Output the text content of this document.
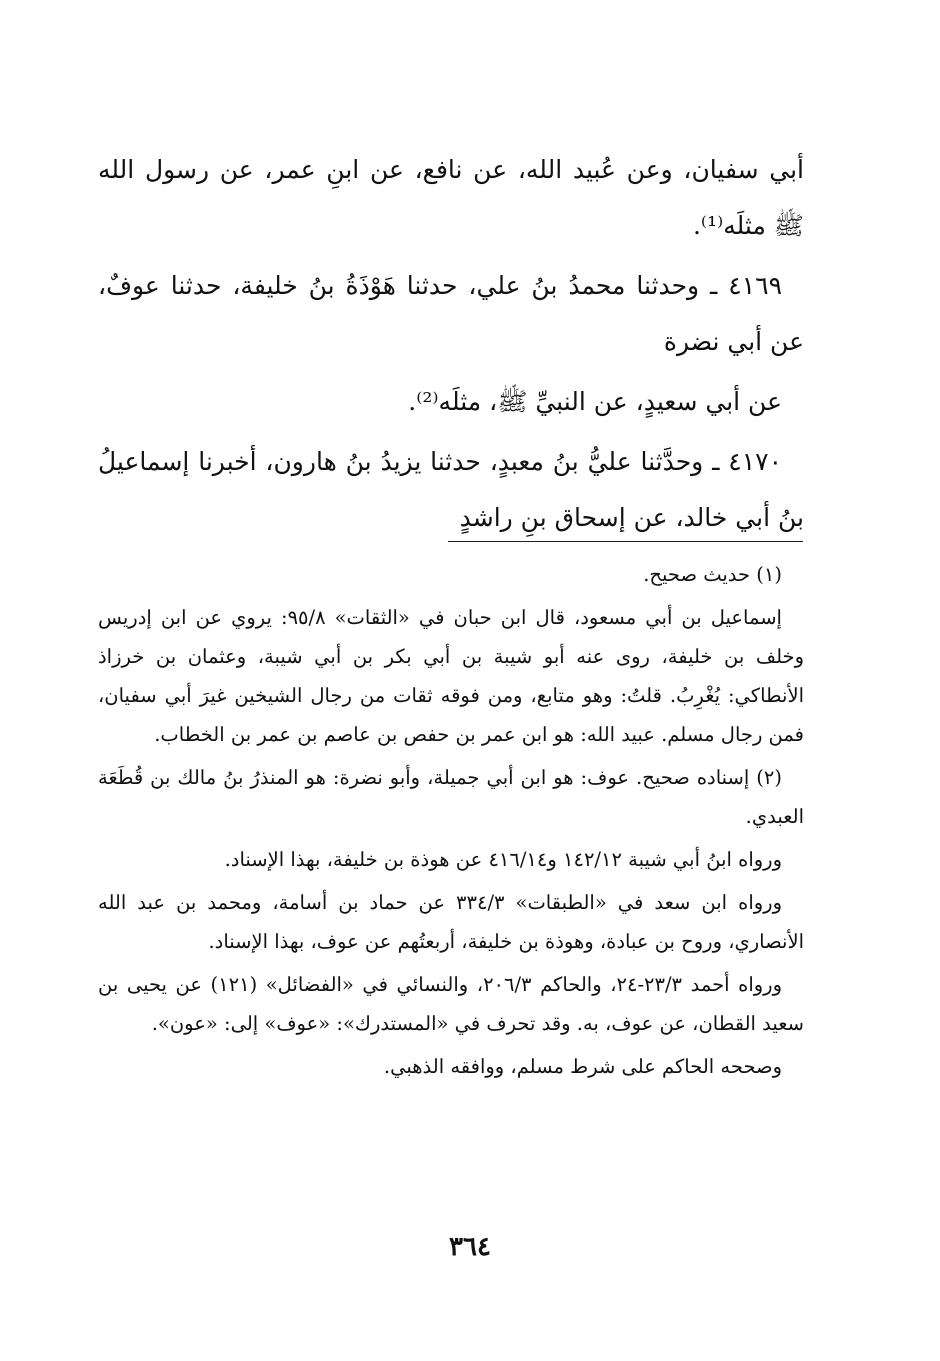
أبي سفيان، وعن عُبيد الله، عن نافع، عن ابنِ عمر، عن رسول الله ﷺ مثلَه⁽¹⁾.

٤١٦٩ ـ وحدثنا محمدُ بنُ علي، حدثنا هَوْذَةُ بنُ خليفة، حدثنا عوفٌ، عن أبي نضرة

عن أبي سعيدٍ، عن النبيِّ ﷺ، مثلَه⁽²⁾.

٤١٧٠ ـ وحدَّثنا عليُّ بنُ معبدٍ، حدثنا يزيدُ بنُ هارون، أخبرنا إسماعيلُ بنُ أبي خالد، عن إسحاق بنِ راشدٍ

(١) حديث صحيح.

إسماعيل بن أبي مسعود، قال ابن حبان في «الثقات» ٩٥/٨: يروي عن ابن إدريس وخلف بن خليفة، روى عنه أبو شيبة بن أبي بكر بن أبي شيبة، وعثمان بن خرزاذ الأنطاكي: يُغْرِبُ. قلتُ: وهو متابع، ومن فوقه ثقات من رجال الشيخين غيرَ أبي سفيان، فمن رجال مسلم. عبيد الله: هو ابن عمر بن حفص بن عاصم بن عمر بن الخطاب.

(٢) إسناده صحيح. عوف: هو ابن أبي جميلة، وأبو نضرة: هو المنذرُ بنُ مالك بن قُطَعَة العبدي.

ورواه ابنُ أبي شيبة ١٤٢/١٢ و٤١٦/١٤ عن هوذة بن خليفة، بهذا الإسناد.

ورواه ابن سعد في «الطبقات» ٣٣٤/٣ عن حماد بن أسامة، ومحمد بن عبد الله الأنصاري، وروح بن عبادة، وهوذة بن خليفة، أربعتُهم عن عوف، بهذا الإسناد.

ورواه أحمد ٢٣/٣-٢٤، والحاكم ٢٠٦/٣، والنسائي في «الفضائل» (١٢١) عن يحيى بن سعيد القطان، عن عوف، به. وقد تحرف في «المستدرك»: «عوف» إلى: «عون».

وصححه الحاكم على شرط مسلم، ووافقه الذهبي.

٣٦٤
